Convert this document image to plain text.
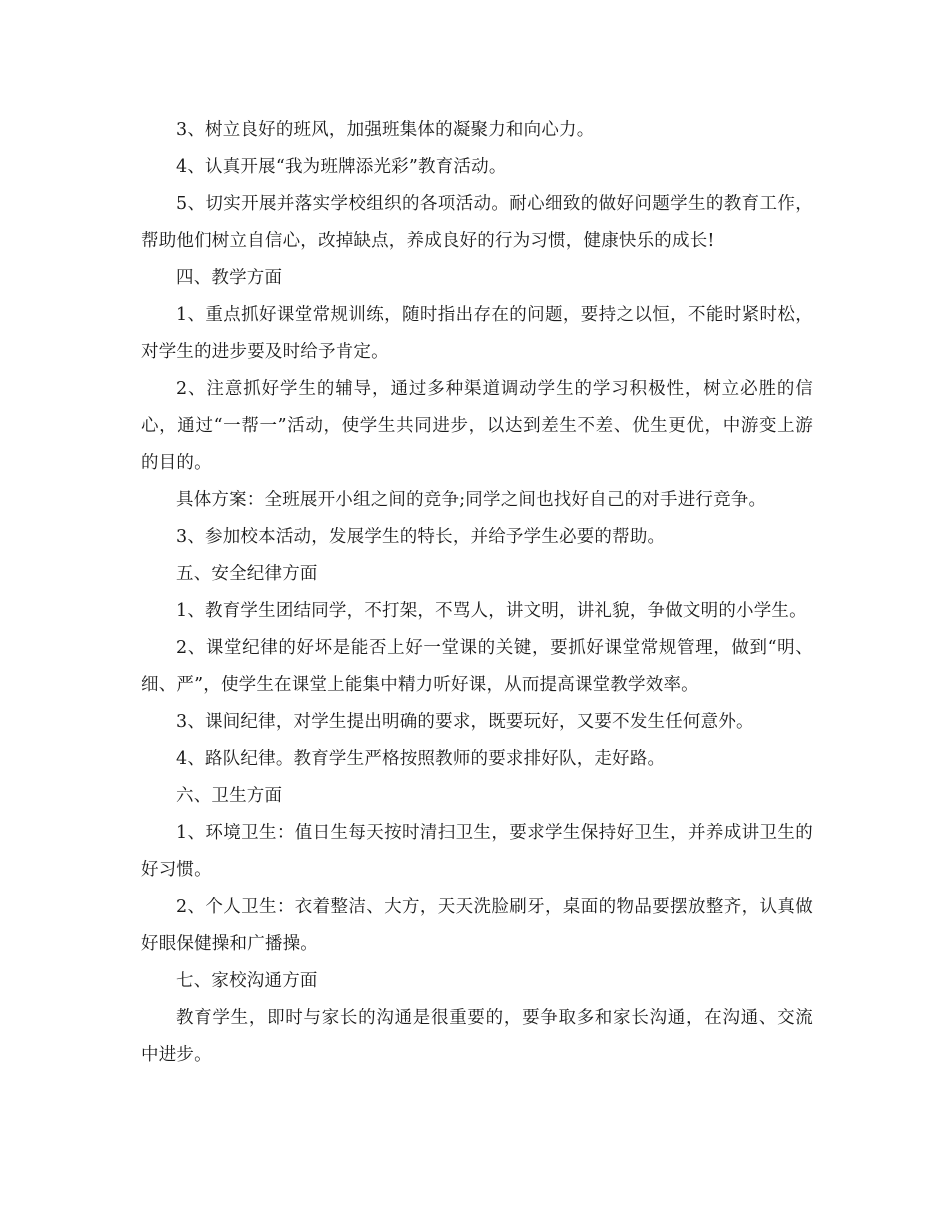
3、树立良好的班风，加强班集体的凝聚力和向心力。

4、认真开展“我为班牌添光彩”教育活动。

5、切实开展并落实学校组织的各项活动。耐心细致的做好问题学生的教育工作，帮助他们树立自信心，改掉缺点，养成良好的行为习惯，健康快乐的成长!

四、教学方面

1、重点抓好课堂常规训练，随时指出存在的问题，要持之以恒，不能时紧时松，对学生的进步要及时给予肯定。

2、注意抓好学生的辅导，通过多种渠道调动学生的学习积极性，树立必胜的信心，通过“一帮一”活动，使学生共同进步，以达到差生不差、优生更优，中游变上游的目的。

具体方案：全班展开小组之间的竞争;同学之间也找好自己的对手进行竞争。

3、参加校本活动，发展学生的特长，并给予学生必要的帮助。

五、安全纪律方面

1、教育学生团结同学，不打架，不骂人，讲文明，讲礼貌，争做文明的小学生。

2、课堂纪律的好坏是能否上好一堂课的关键，要抓好课堂常规管理，做到“明、细、严”，使学生在课堂上能集中精力听好课，从而提高课堂教学效率。

3、课间纪律，对学生提出明确的要求，既要玩好，又要不发生任何意外。

4、路队纪律。教育学生严格按照教师的要求排好队，走好路。

六、卫生方面

1、环境卫生：值日生每天按时清扫卫生，要求学生保持好卫生，并养成讲卫生的好习惯。

2、个人卫生：衣着整洁、大方，天天洗脸刷牙，桌面的物品要摆放整齐，认真做好眼保健操和广播操。

七、家校沟通方面

教育学生，即时与家长的沟通是很重要的，要争取多和家长沟通，在沟通、交流中进步。
